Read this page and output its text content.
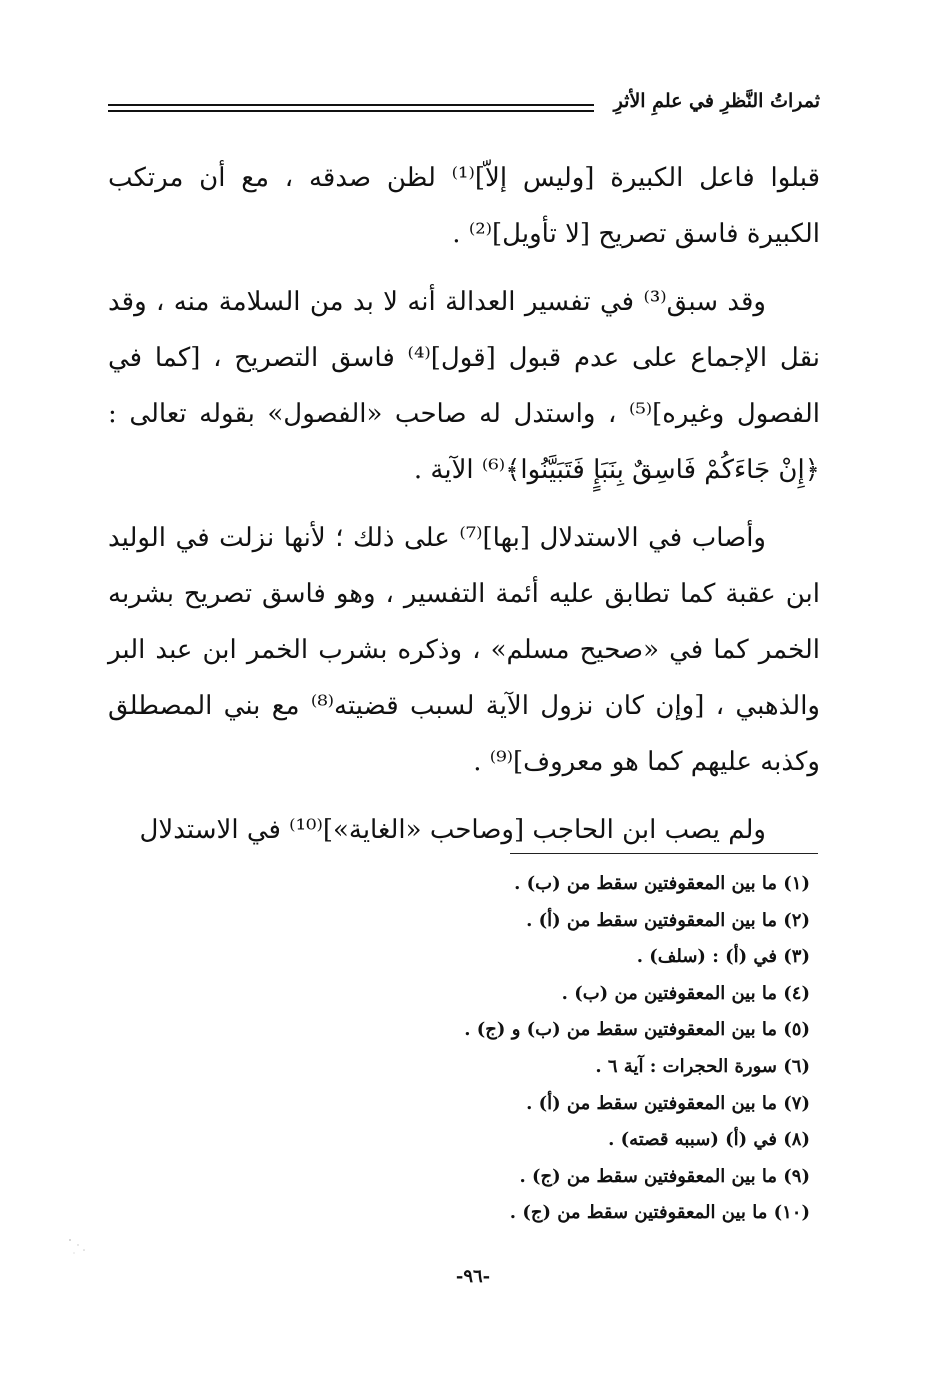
ثمراتُ النَّظرِ في علمِ الأثرِ

قبلوا فاعل الكبيرة [وليس إلاّ]⁽¹⁾ لظن صدقه ، مع أن مرتكب الكبيرة فاسق تصريح [لا تأويل]⁽²⁾ .

وقد سبق⁽³⁾ في تفسير العدالة أنه لا بد من السلامة منه ، وقد نقل الإجماع على عدم قبول [قول]⁽⁴⁾ فاسق التصريح ، [كما في الفصول وغيره]⁽⁵⁾ ، واستدل له صاحب «الفصول» بقوله تعالى : ﴿إِنْ جَاءَكُمْ فَاسِقٌ بِنَبَإٍ فَتَبَيَّنُوا﴾⁽⁶⁾ الآية .

وأصاب في الاستدلال [بها]⁽⁷⁾ على ذلك ؛ لأنها نزلت في الوليد ابن عقبة كما تطابق عليه أئمة التفسير ، وهو فاسق تصريح بشربه الخمر كما في «صحيح مسلم» ، وذكره بشرب الخمر ابن عبد البر والذهبي ، [وإن كان نزول الآية لسبب قضيته⁽⁸⁾ مع بني المصطلق وكذبه عليهم كما هو معروف]⁽⁹⁾ .

ولم يصب ابن الحاجب [وصاحب «الغاية»]⁽¹⁰⁾ في الاستدلال

(١) ما بين المعقوفتين سقط من (ب) .
(٢) ما بين المعقوفتين سقط من (أ) .
(٣) في (أ) : (سلف) .
(٤) ما بين المعقوفتين من (ب) .
(٥) ما بين المعقوفتين سقط من (ب) و (ج) .
(٦) سورة الحجرات : آية ٦ .
(٧) ما بين المعقوفتين سقط من (أ) .
(٨) في (أ) (سببه قصته) .
(٩) ما بين المعقوفتين سقط من (ج) .
(١٠) ما بين المعقوفتين سقط من (ج) .
-٩٦-
